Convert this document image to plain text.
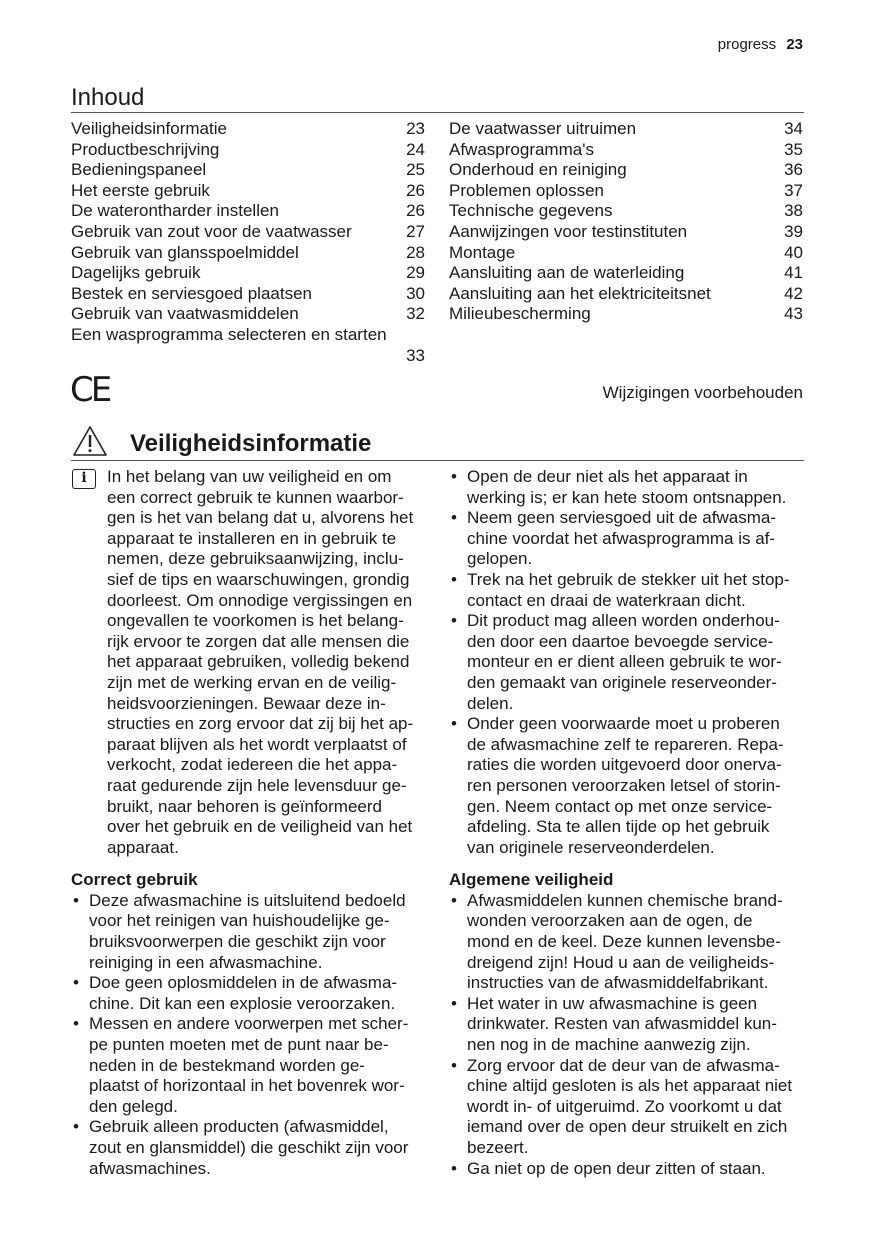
progress 23
Inhoud
Veiligheidsinformatie	23
Productbeschrijving	24
Bedieningspaneel	25
Het eerste gebruik	26
De waterontharder instellen	26
Gebruik van zout voor de vaatwasser	27
Gebruik van glansspoelmiddel	28
Dagelijks gebruik	29
Bestek en serviesgoed plaatsen	30
Gebruik van vaatwasmiddelen	32
Een wasprogramma selecteren en starten
33
De vaatwasser uitruimen	34
Afwasprogramma's	35
Onderhoud en reiniging	36
Problemen oplossen	37
Technische gegevens	38
Aanwijzingen voor testinstituten	39
Montage	40
Aansluiting aan de waterleiding	41
Aansluiting aan het elektriciteitsnet	42
Milieubescherming	43
CE	Wijzigingen voorbehouden
Veiligheidsinformatie
i	In het belang van uw veiligheid en om
een correct gebruik te kunnen waarbor-
gen is het van belang dat u, alvorens het
apparaat te installeren en in gebruik te
nemen, deze gebruiksaanwijzing, inclu-
sief de tips en waarschuwingen, grondig
doorleest. Om onnodige vergissingen en
ongevallen te voorkomen is het belang-
rijk ervoor te zorgen dat alle mensen die
het apparaat gebruiken, volledig bekend
zijn met de werking ervan en de veilig-
heidsvoorzieningen. Bewaar deze in-
structies en zorg ervoor dat zij bij het ap-
paraat blijven als het wordt verplaatst of
verkocht, zodat iedereen die het appa-
raat gedurende zijn hele levensduur ge-
bruikt, naar behoren is geïnformeerd
over het gebruik en de veiligheid van het
apparaat.
Correct gebruik
• Deze afwasmachine is uitsluitend bedoeld
voor het reinigen van huishoudelijke ge-
bruiksvoorwerpen die geschikt zijn voor
reiniging in een afwasmachine.
• Doe geen oplosmiddelen in de afwasma-
chine. Dit kan een explosie veroorzaken.
• Messen en andere voorwerpen met scher-
pe punten moeten met de punt naar be-
neden in de bestekmand worden ge-
plaatst of horizontaal in het bovenrek wor-
den gelegd.
• Gebruik alleen producten (afwasmiddel,
zout en glansmiddel) die geschikt zijn voor
afwasmachines.
• Open de deur niet als het apparaat in
werking is; er kan hete stoom ontsnappen.
• Neem geen serviesgoed uit de afwasma-
chine voordat het afwasprogramma is af-
gelopen.
• Trek na het gebruik de stekker uit het stop-
contact en draai de waterkraan dicht.
• Dit product mag alleen worden onderhou-
den door een daartoe bevoegde service-
monteur en er dient alleen gebruik te wor-
den gemaakt van originele reserveonder-
delen.
• Onder geen voorwaarde moet u proberen
de afwasmachine zelf te repareren. Repa-
raties die worden uitgevoerd door onerva-
ren personen veroorzaken letsel of storin-
gen. Neem contact op met onze service-
afdeling. Sta te allen tijde op het gebruik
van originele reserveonderdelen.
Algemene veiligheid
• Afwasmiddelen kunnen chemische brand-
wonden veroorzaken aan de ogen, de
mond en de keel. Deze kunnen levensbe-
dreigend zijn! Houd u aan de veiligheids-
instructies van de afwasmiddelfabrikant.
• Het water in uw afwasmachine is geen
drinkwater. Resten van afwasmiddel kun-
nen nog in de machine aanwezig zijn.
• Zorg ervoor dat de deur van de afwasma-
chine altijd gesloten is als het apparaat niet
wordt in- of uitgeruimd. Zo voorkomt u dat
iemand over de open deur struikelt en zich
bezeert.
• Ga niet op de open deur zitten of staan.
